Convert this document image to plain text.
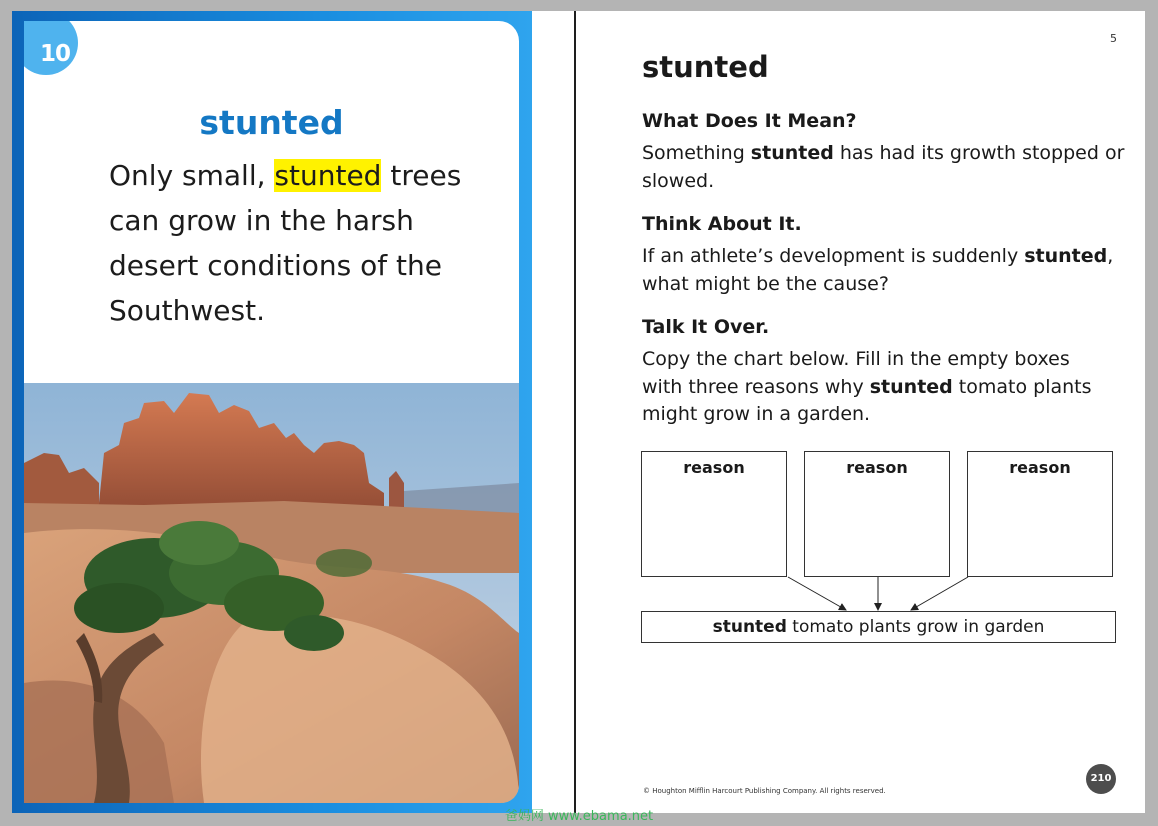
10
stunted
Only small, stunted trees can grow in the harsh desert conditions of the Southwest.
5
stunted
What Does It Mean?
Something stunted has had its growth stopped or slowed.
Think About It.
If an athlete’s development is suddenly stunted, what might be the cause?
Talk It Over.
Copy the chart below. Fill in the empty boxes with three reasons why stunted tomato plants might grow in a garden.
reason	reason	reason
stunted tomato plants grow in garden
© Houghton Mifflin Harcourt Publishing Company. All rights reserved.
210
爸妈网 www.ebama.net
